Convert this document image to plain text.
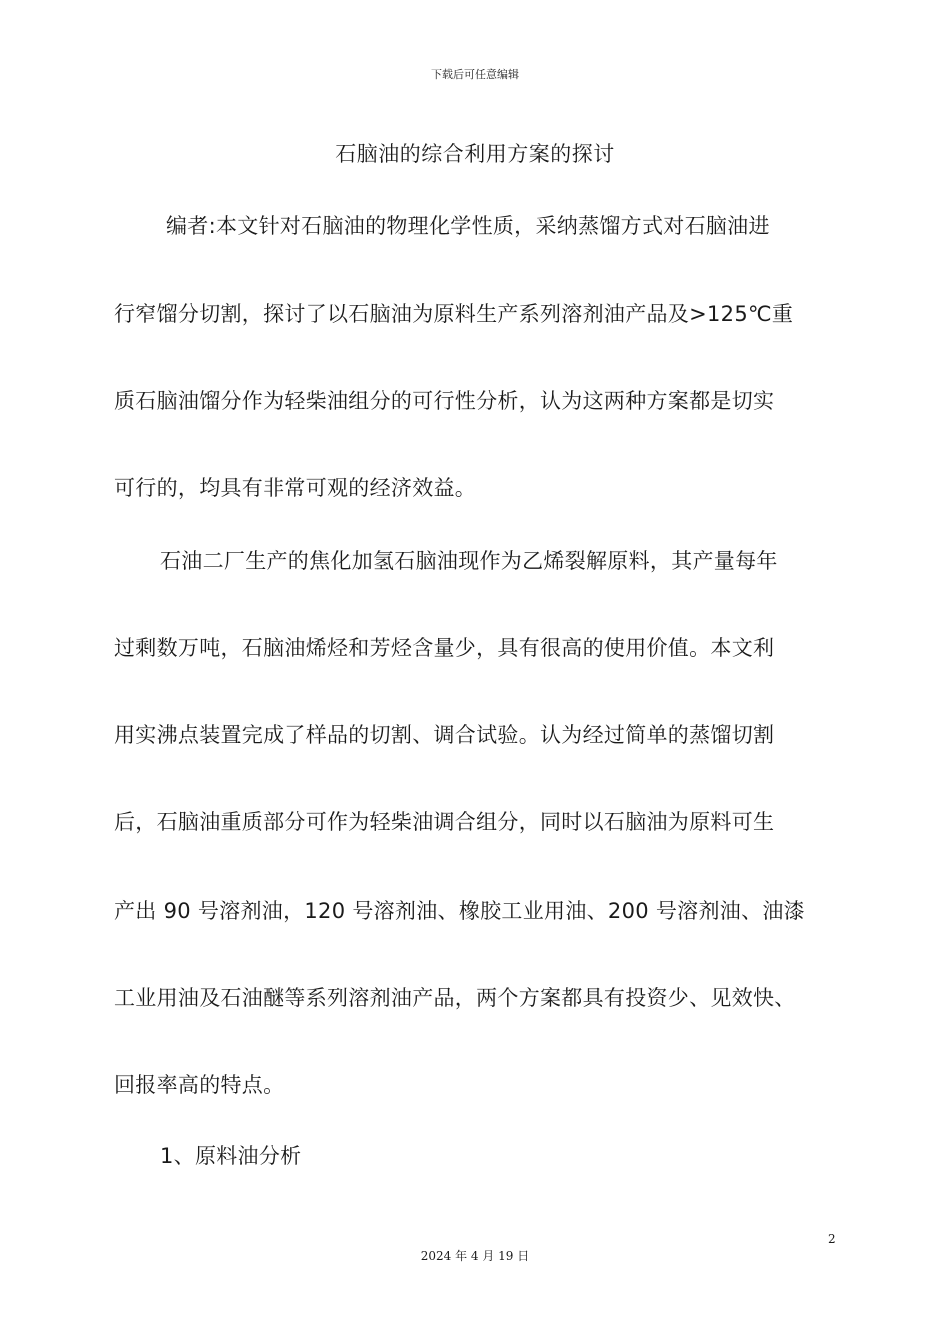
下载后可任意编辑
石脑油的综合利用方案的探讨
编者:本文针对石脑油的物理化学性质，采纳蒸馏方式对石脑油进
行窄馏分切割，探讨了以石脑油为原料生产系列溶剂油产品及>125℃重
质石脑油馏分作为轻柴油组分的可行性分析，认为这两种方案都是切实
可行的，均具有非常可观的经济效益。
石油二厂生产的焦化加氢石脑油现作为乙烯裂解原料，其产量每年
过剩数万吨，石脑油烯烃和芳烃含量少，具有很高的使用价值。本文利
用实沸点装置完成了样品的切割、调合试验。认为经过简单的蒸馏切割
后，石脑油重质部分可作为轻柴油调合组分，同时以石脑油为原料可生
产出 90 号溶剂油，120 号溶剂油、橡胶工业用油、200 号溶剂油、油漆
工业用油及石油醚等系列溶剂油产品，两个方案都具有投资少、见效快、
回报率高的特点。
1、原料油分析
2
2024 年 4 月 19 日
